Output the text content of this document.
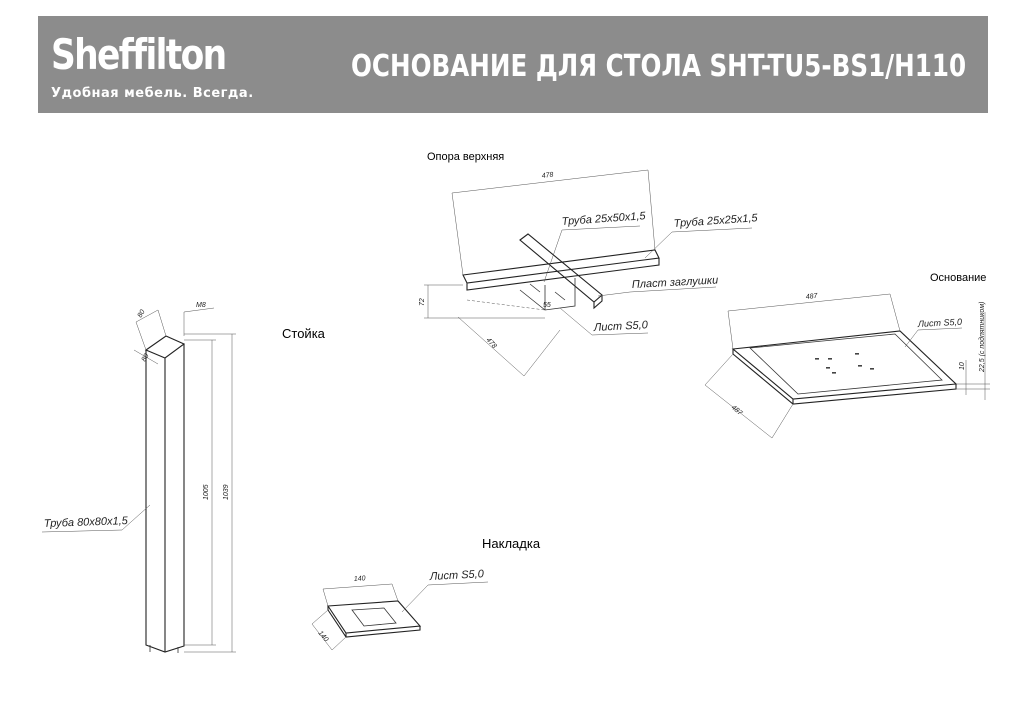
Sheffilton
Удобная мебель. Всегда.
ОСНОВАНИЕ ДЛЯ СТОЛА SHT-TU5-BS1/H110
Опора верхняя
478
478
72	55
Труба 25х50х1,5 Труба 25х25х1,5
Пласт заглушки
Лист S5,0
Основание
487
487
10 22,5 (с подпятником)
Лист S5,0
Стойка
80
80
М8
1005 1039
Труба 80х80х1,5
Накладка
140
140
Лист S5,0
